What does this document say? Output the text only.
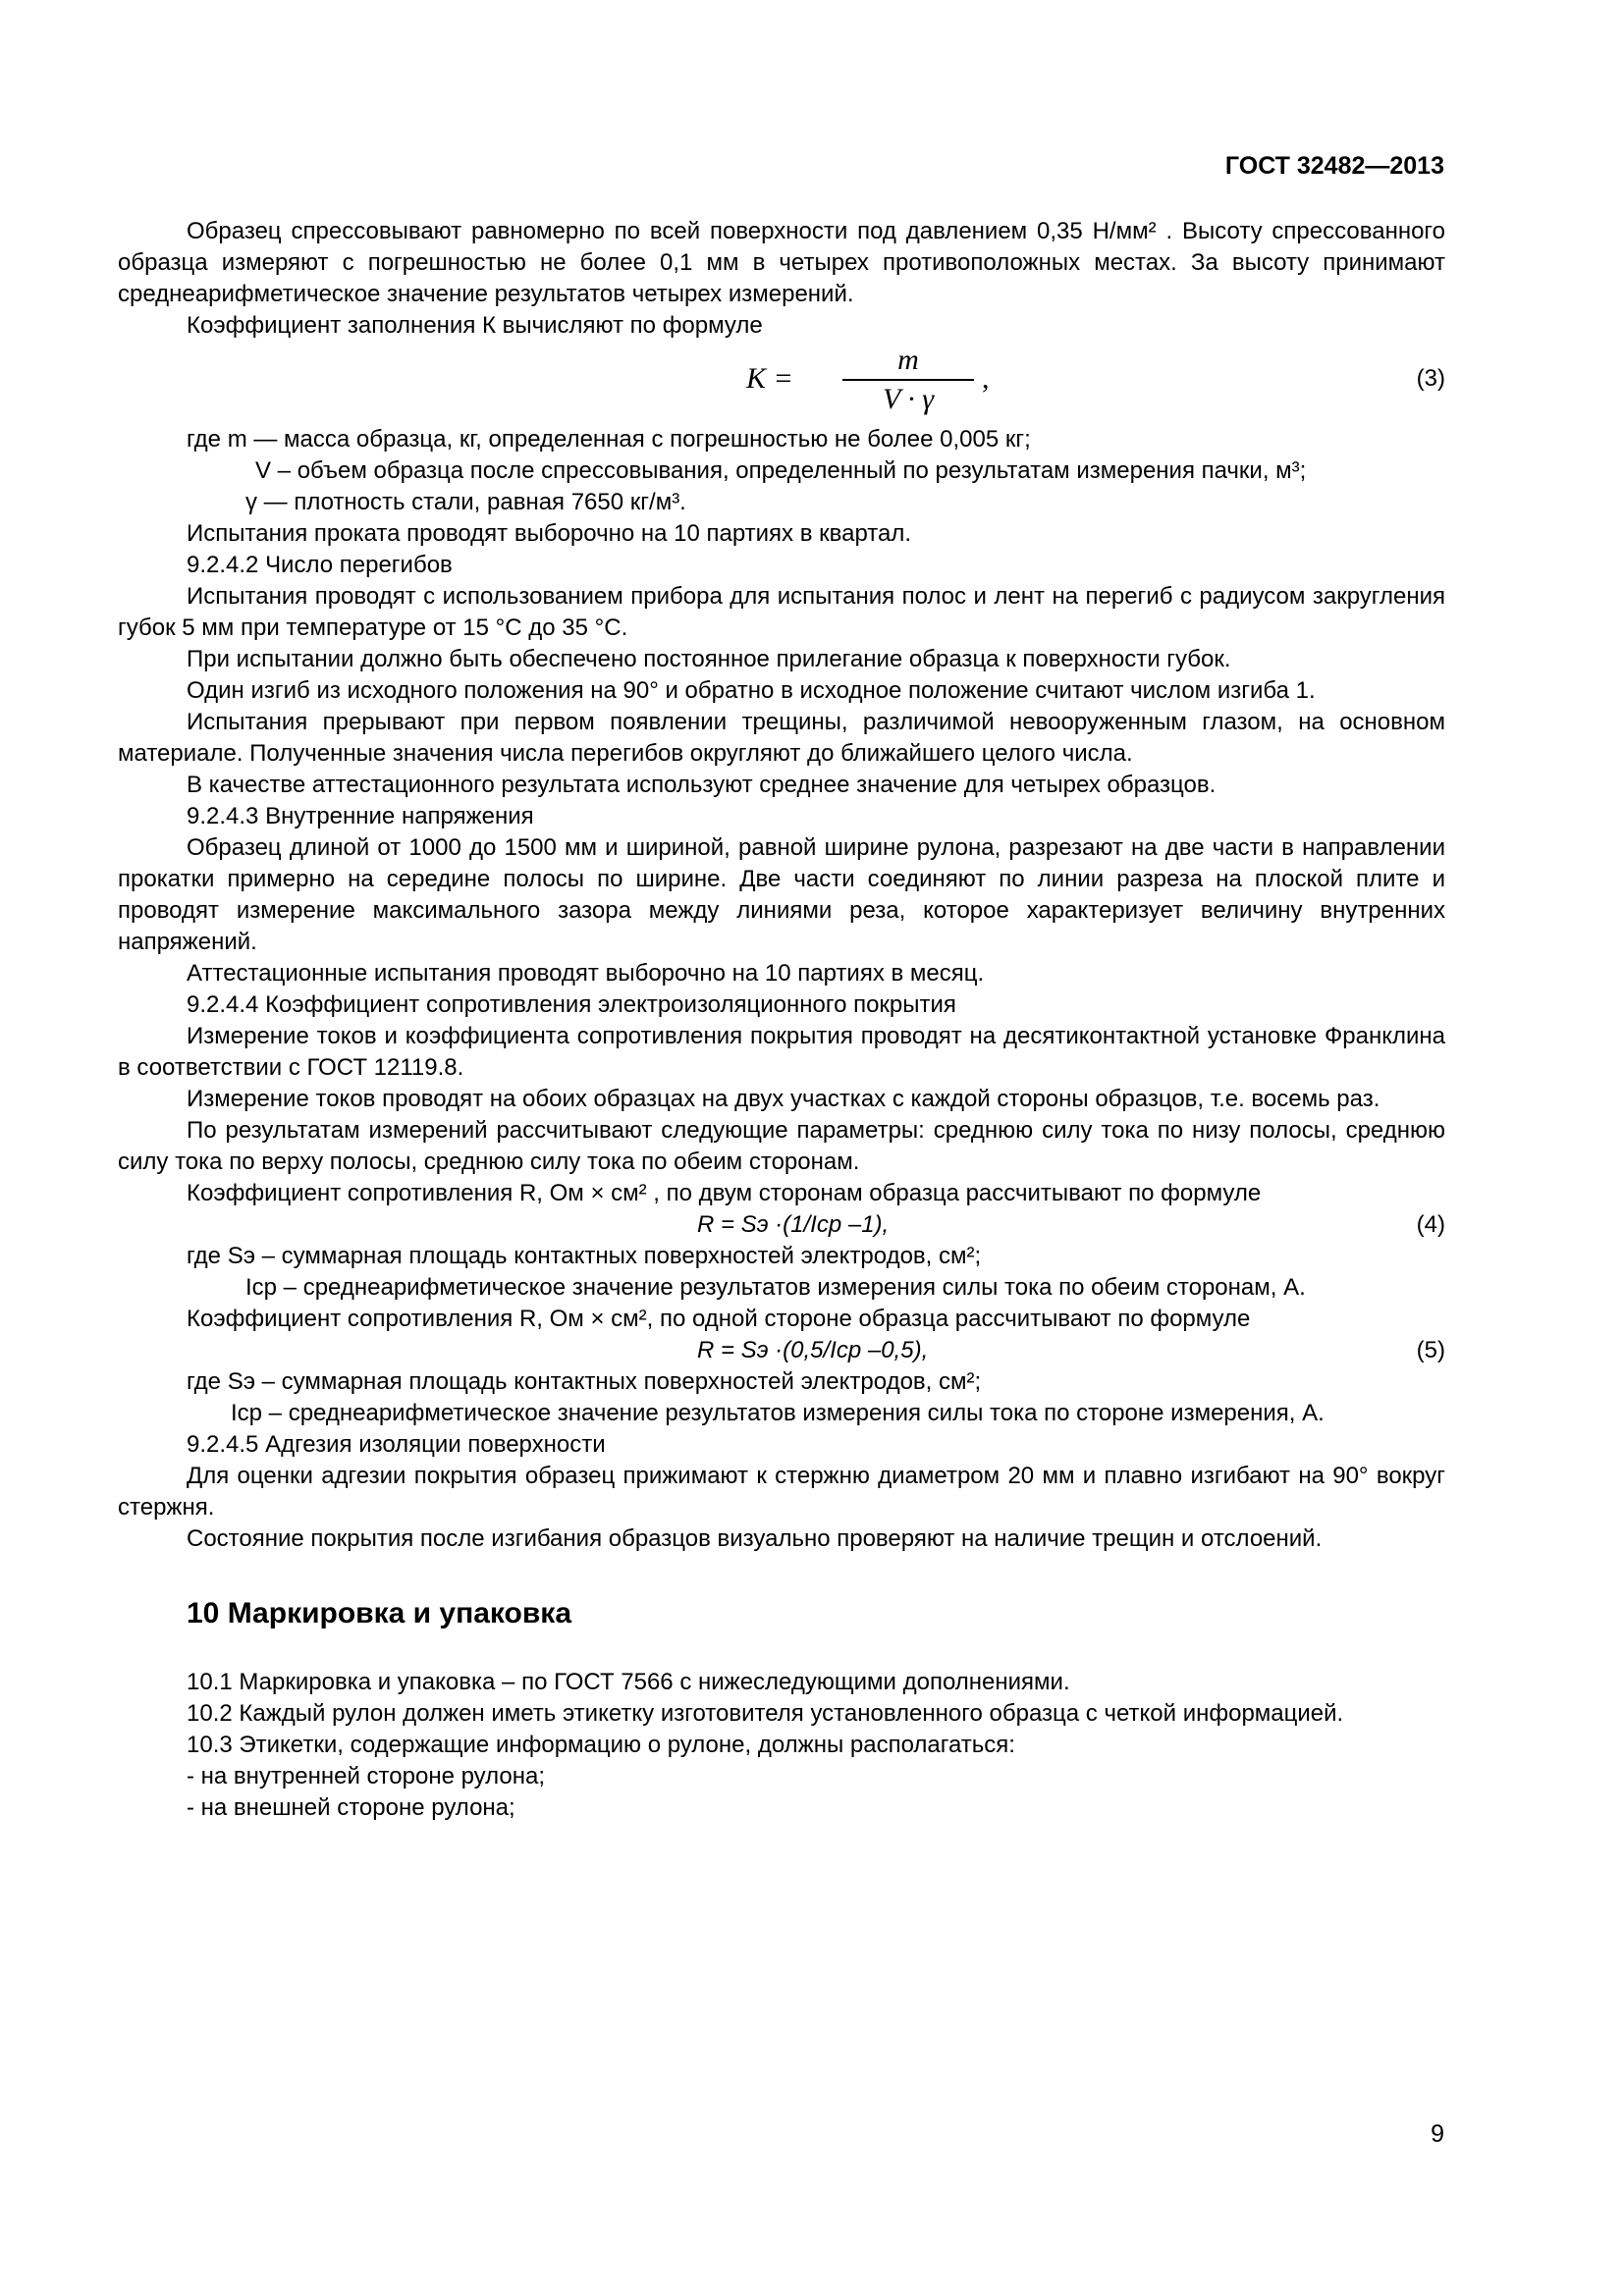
ГОСТ 32482—2013

Образец спрессовывают равномерно по всей поверхности под давлением 0,35 Н/мм² . Высоту спрессованного образца измеряют с погрешностью не более 0,1 мм в четырех противоположных местах. За высоту принимают среднеарифметическое значение результатов четырех измерений.

Коэффициент заполнения К вычисляют по формуле

K =
m
V · γ
,	(3)

где m — масса образца, кг, определенная с погрешностью не более 0,005 кг;

V – объем образца после спрессовывания, определенный по результатам измерения пачки, м³;

γ — плотность стали, равная 7650 кг/м³.

Испытания проката проводят выборочно на 10 партиях в квартал.

9.2.4.2 Число перегибов

Испытания проводят с использованием прибора для испытания полос и лент на перегиб с радиусом закругления губок 5 мм при температуре от 15 °С до 35 °С.

При испытании должно быть обеспечено постоянное прилегание образца к поверхности губок.

Один изгиб из исходного положения на 90° и обратно в исходное положение считают числом изгиба 1.

Испытания прерывают при первом появлении трещины, различимой невооруженным глазом, на основном материале. Полученные значения числа перегибов округляют до ближайшего целого числа.

В качестве аттестационного результата используют среднее значение для четырех образцов.

9.2.4.3 Внутренние напряжения

Образец длиной от 1000 до 1500 мм и шириной, равной ширине рулона, разрезают на две части в направлении прокатки примерно на середине полосы по ширине. Две части соединяют по линии разреза на плоской плите и проводят измерение максимального зазора между линиями реза, которое характеризует величину внутренних напряжений.

Аттестационные испытания проводят выборочно на 10 партиях в месяц.

9.2.4.4 Коэффициент сопротивления электроизоляционного покрытия

Измерение токов и коэффициента сопротивления покрытия проводят на десятиконтактной установке Франклина в соответствии с ГОСТ 12119.8.

Измерение токов проводят на обоих образцах на двух участках с каждой стороны образцов, т.е. восемь раз.

По результатам измерений рассчитывают следующие параметры: среднюю силу тока по низу полосы, среднюю силу тока по верху полосы, среднюю силу тока по обеим сторонам.

Коэффициент сопротивления R, Ом × см² , по двум сторонам образца рассчитывают по формуле

R = Sэ ·(1/Iср –1),	(4)

где Sэ – суммарная площадь контактных поверхностей электродов, см²;

Iср – среднеарифметическое значение результатов измерения силы тока по обеим сторонам, А.

Коэффициент сопротивления R, Ом × см², по одной стороне образца рассчитывают по формуле

R = Sэ ·(0,5/Iср –0,5),	(5)

где Sэ – суммарная площадь контактных поверхностей электродов, см²;

Iср – среднеарифметическое значение результатов измерения силы тока по стороне измерения, А.

9.2.4.5 Адгезия изоляции поверхности

Для оценки адгезии покрытия образец прижимают к стержню диаметром 20 мм и плавно изгибают на 90° вокруг стержня.

Состояние покрытия после изгибания образцов визуально проверяют на наличие трещин и отслоений.

10 Маркировка и упаковка

10.1 Маркировка и упаковка – по ГОСТ 7566 с нижеследующими дополнениями.

10.2 Каждый рулон должен иметь этикетку изготовителя установленного образца с четкой информацией.

10.3 Этикетки, содержащие информацию о рулоне, должны располагаться:

- на внутренней стороне рулона;

- на внешней стороне рулона;

9
